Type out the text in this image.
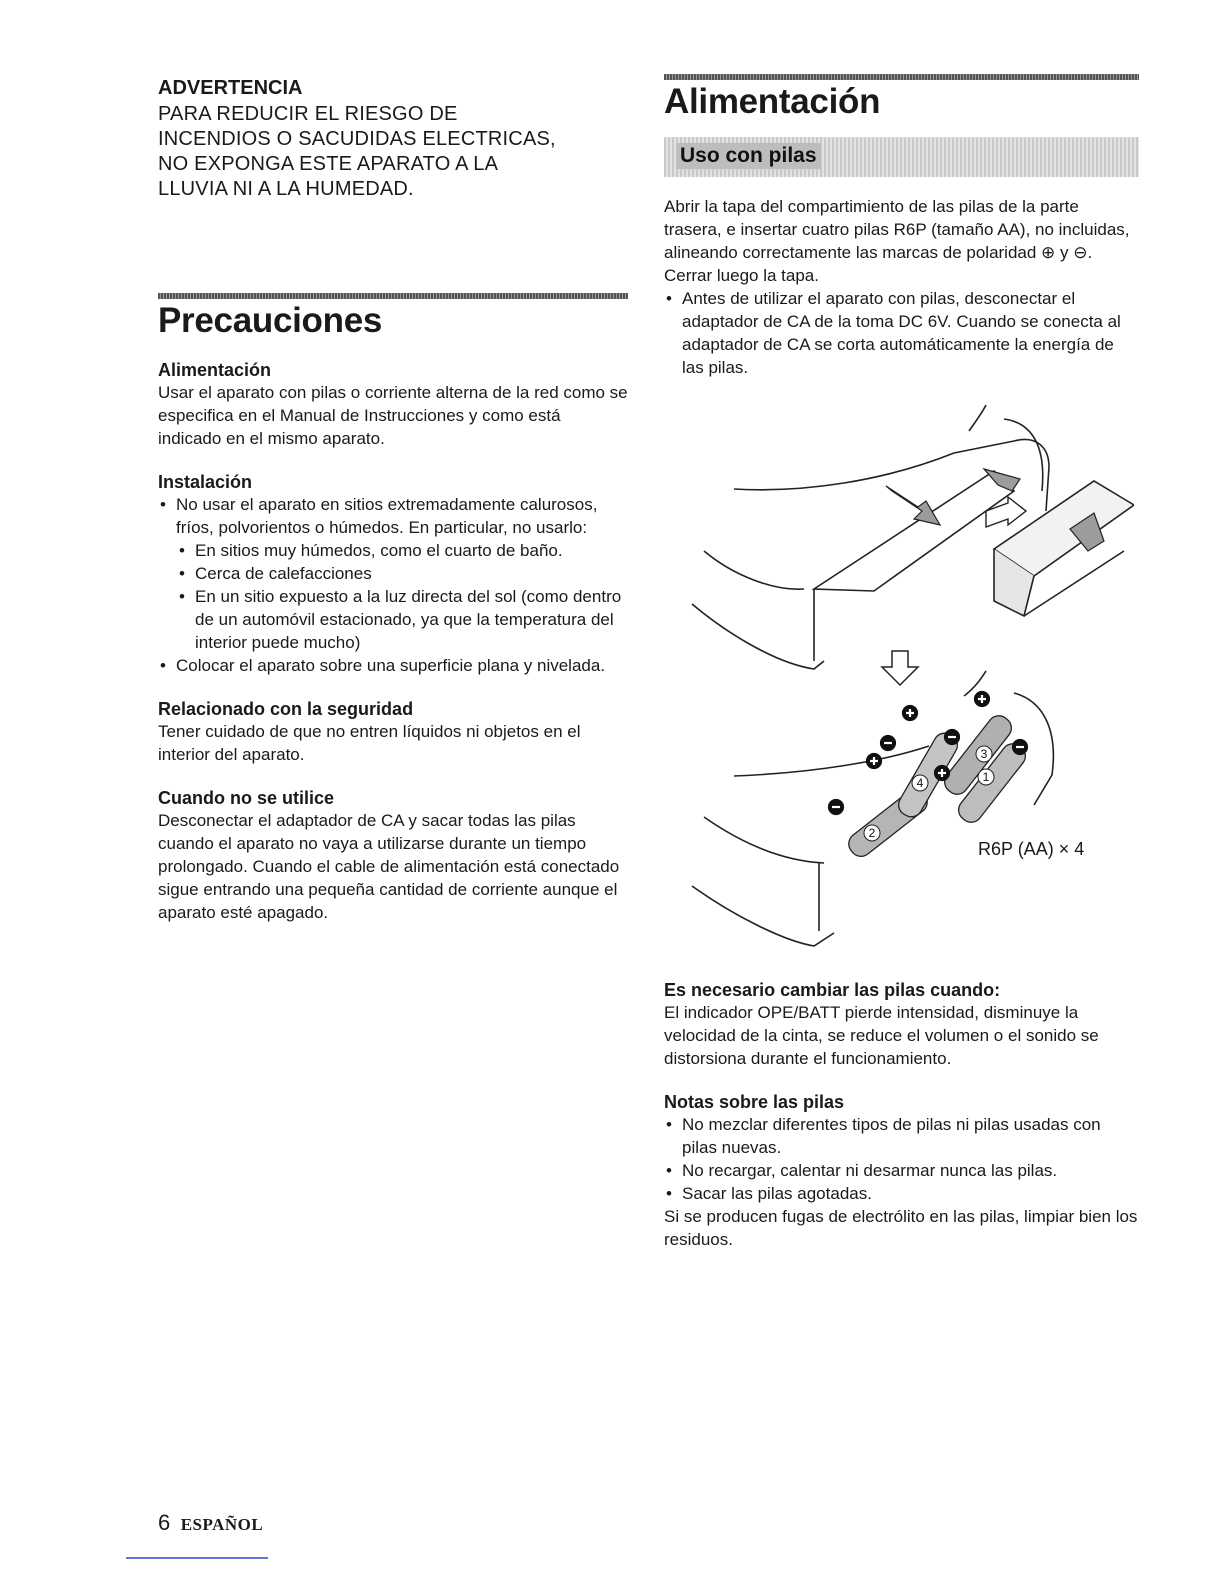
ADVERTENCIA

PARA REDUCIR EL RIESGO DE
INCENDIOS O SACUDIDAS ELECTRICAS,
NO EXPONGA ESTE APARATO A LA
LLUVIA NI A LA HUMEDAD.

Precauciones
Alimentación

Usar el aparato con pilas o corriente alterna de la red como se especifica en el Manual de Instrucciones y como está indicado en el mismo aparato.

Instalación
• No usar el aparato en sitios extremadamente calurosos, fríos, polvorientos o húmedos. En particular, no usarlo:
• En sitios muy húmedos, como el cuarto de baño.
• Cerca de calefacciones
• En un sitio expuesto a la luz directa del sol (como dentro de un automóvil estacionado, ya que la temperatura del interior puede mucho)
• Colocar el aparato sobre una superficie plana y nivelada.
Relacionado con la seguridad

Tener cuidado de que no entren líquidos ni objetos en el interior del aparato.

Cuando no se utilice

Desconectar el adaptador de CA y sacar todas las pilas cuando el aparato no vaya a utilizarse durante un tiempo prolongado. Cuando el cable de alimentación está conectado sigue entrando una pequeña cantidad de corriente aunque el aparato esté apagado.

Alimentación
Uso con pilas

Abrir la tapa del compartimiento de las pilas de la parte trasera, e insertar cuatro pilas R6P (tamaño AA), no incluidas, alineando correctamente las marcas de polaridad ⊕ y ⊖. Cerrar luego la tapa.

• Antes de utilizar el aparato con pilas, desconectar el adaptador de CA de la toma DC 6V. Cuando se conecta al adaptador de CA se corta automáticamente la energía de las pilas.
2
4
3
1
R6P (AA) × 4
Es necesario cambiar las pilas cuando:

El indicador OPE/BATT pierde intensidad, disminuye la velocidad de la cinta, se reduce el volumen o el sonido se distorsiona durante el funcionamiento.

Notas sobre las pilas
• No mezclar diferentes tipos de pilas ni pilas usadas con pilas nuevas.
• No recargar, calentar ni desarmar nunca las pilas.
• Sacar las pilas agotadas.

Si se producen fugas de electrólito en las pilas, limpiar bien los residuos.

6 ESPAÑOL
